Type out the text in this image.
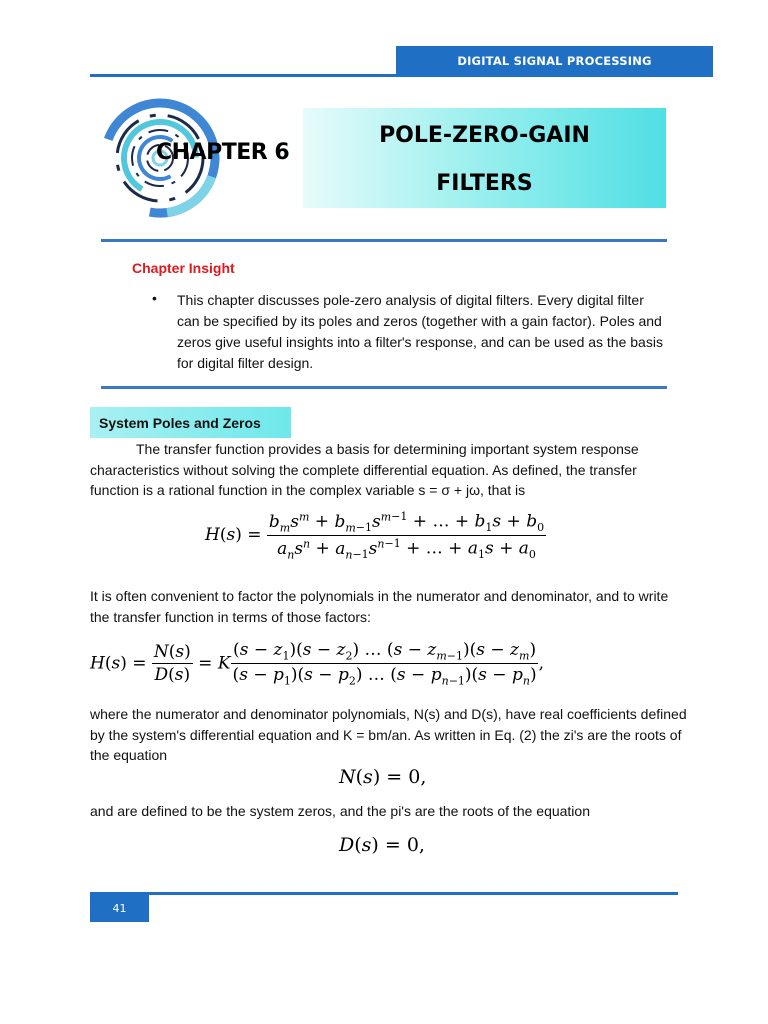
DIGITAL SIGNAL PROCESSING
POLE-ZERO-GAIN
FILTERS
CHAPTER 6
Chapter Insight
• This chapter discusses pole-zero analysis of digital filters. Every digital filter can be specified by its poles and zeros (together with a gain factor). Poles and zeros give useful insights into a filter's response, and can be used as the basis for digital filter design.
System Poles and Zeros
The transfer function provides a basis for determining important system response characteristics without solving the complete differential equation. As defined, the transfer function is a rational function in the complex variable s = σ + jω, that is
$H(s) = \frac{b_ms^m + b_{m-1}s^{m-1} + \dots + b_1s + b_0}{a_ns^n + a_{n-1}s^{n-1} + \dots + a_1s + a_0}$
It is often convenient to factor the polynomials in the numerator and denominator, and to write the transfer function in terms of those factors:
$H(s) = \frac{N(s)}{D(s)} = K \frac{(s - z_1)(s - z_2) \dots (s - z_{m-1})(s - z_m)}{(s - p_1)(s - p_2) \dots (s - p_{n-1})(s - p_n)}$ ,
where the numerator and denominator polynomials, N(s) and D(s), have real coefficients defined by the system's differential equation and K = bm/an. As written in Eq. (2) the zi's are the roots of the equation
N(s) = 0,
and are defined to be the system zeros, and the pi's are the roots of the equation
D(s) = 0,
41
